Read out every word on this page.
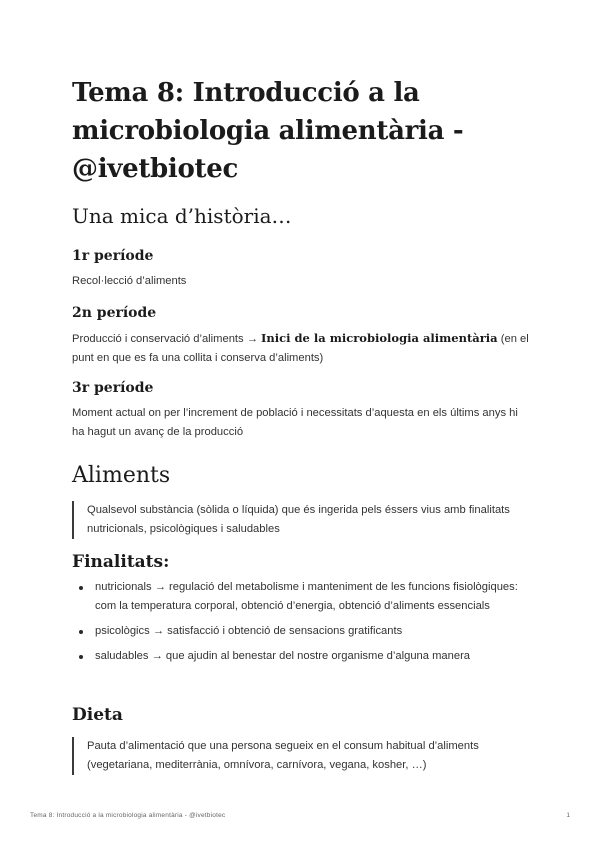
Tema 8: Introducció a la microbiologia alimentària - @ivetbiotec
Una mica d’història…
1r període

Recol·lecció d’aliments

2n període

Producció i conservació d’aliments → Inici de la microbiologia alimentària (en el punt en que es fa una collita i conserva d’aliments)

3r període

Moment actual on per l’increment de població i necessitats d’aquesta en els últims anys hi ha hagut un avanç de la producció

Aliments
Qualsevol substància (sòlida o líquida) que és ingerida pels éssers vius amb finalitats nutricionals, psicològiques i saludables
Finalitats:
nutricionals → regulació del metabolisme i manteniment de les funcions fisiològiques: com la temperatura corporal, obtenció d’energia, obtenció d’aliments essencials
psicològics → satisfacció i obtenció de sensacions gratificants
saludables → que ajudin al benestar del nostre organisme d’alguna manera
Dieta
Pauta d’alimentació que una persona segueix en el consum habitual d’aliments (vegetariana, mediterrània, omnívora, carnívora, vegana, kosher, …)
Tema 8: Introducció a la microbiologia alimentària - @ivetbiotec	1
